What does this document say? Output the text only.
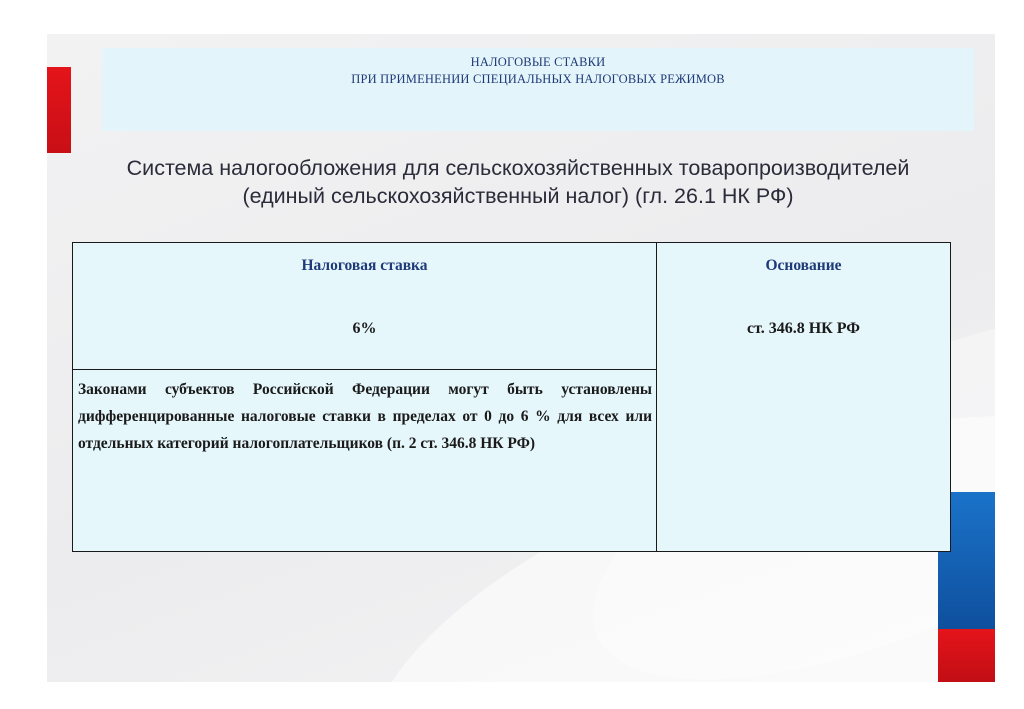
НАЛОГОВЫЕ СТАВКИ
ПРИ ПРИМЕНЕНИИ СПЕЦИАЛЬНЫХ НАЛОГОВЫХ РЕЖИМОВ
Система налогообложения для сельскохозяйственных товаропроизводителей
(единый сельскохозяйственный налог) (гл. 26.1 НК РФ)
Налоговая ставка	Основание
6%	ст. 346.8 НК РФ
Законами субъектов Российской Федерации могут быть установлены дифференцированные налоговые ставки в пределах от 0 до 6 % для всех или отдельных категорий налогоплательщиков (п. 2 ст. 346.8 НК РФ)
